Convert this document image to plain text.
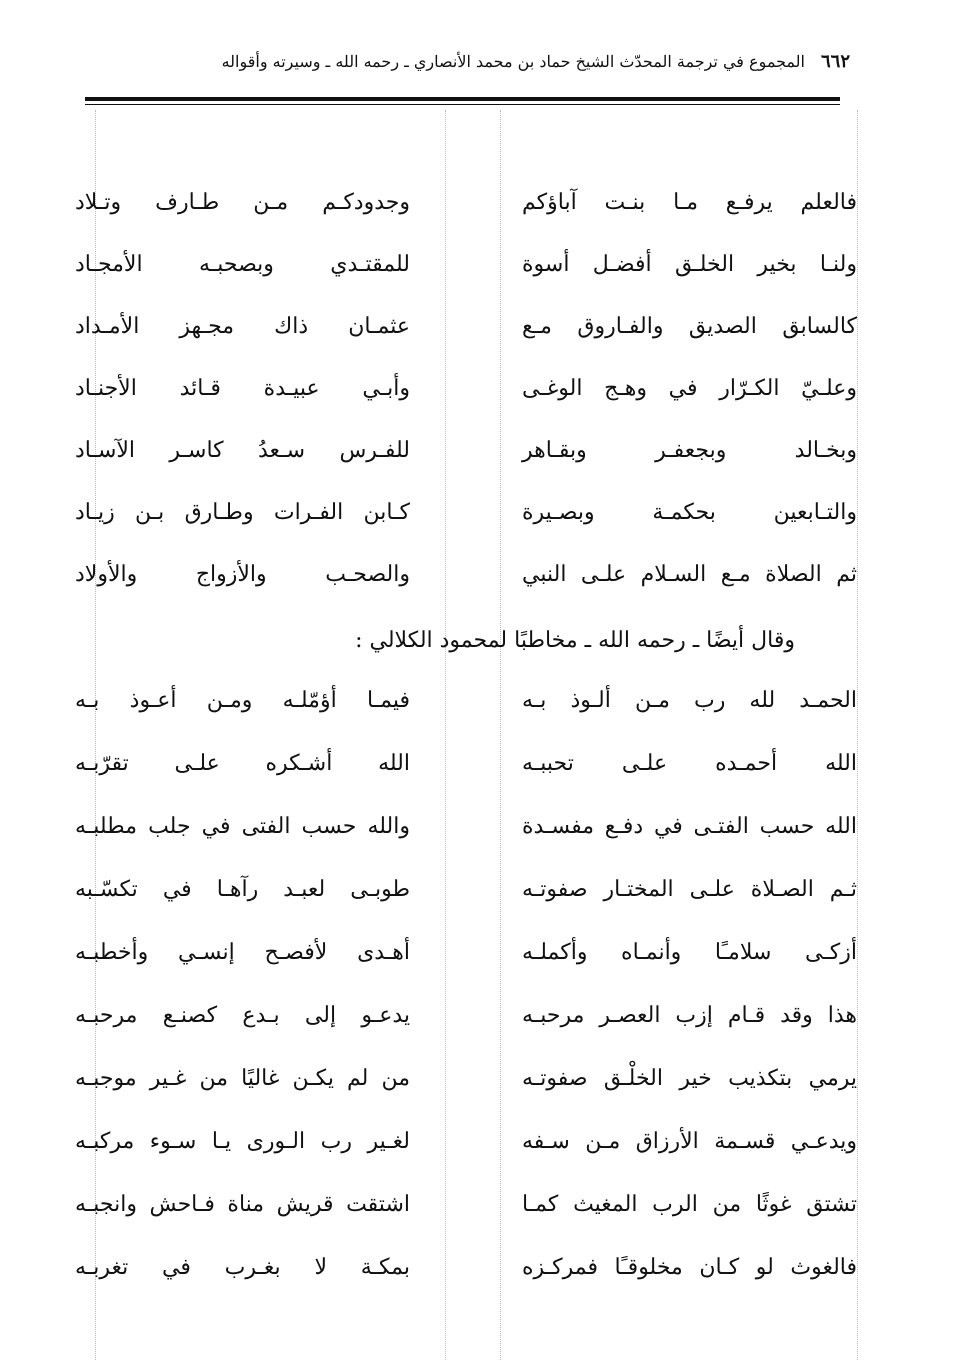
٦٦٢
المجموع في ترجمة المحدّث الشيخ حماد بن محمد الأنصاري ـ رحمه الله ـ وسيرته وأقواله
فالعلم يرفـع مـا بنـت آباؤكم
وجدودكـم مـن طـارف وتـلاد
ولنـا بخير الخلـق أفضـل أسوة
للمقتـدي وبصحبـه الأمجـاد
كالسابق الصديق والفـاروق مـع
عثمـان ذاك مجـهز الأمـداد
وعلـيّ الكـرّار في وهـج الوغـى
وأبـي عبيـدة قـائد الأجنـاد
وبخـالد وبجعفـر وبقـاهر
للفـرس سـعدُ كاسـر الآسـاد
والتـابعين بحكمـة وبصـيرة
كـابن الفـرات وطـارق بـن زيـاد
ثم الصلاة مـع السـلام علـى النبي
والصحـب والأزواج والأولاد
وقال أيضًا ـ رحمه الله ـ مخاطبًا لمحمود الكلالي :
الحمـد لله رب مـن ألـوذ بـه
فيمـا أؤمّلـه ومـن أعـوذ بـه
الله أحمـده علـى تحببـه
الله أشـكره علـى تقرّبـه
الله حسب الفتـى في دفـع مفسـدة
والله حسب الفتى في جلب مطلبـه
ثـم الصـلاة علـى المختـار صفوتـه
طوبـى لعبـد رآهـا في تكسّـبه
أزكـى سلامـًا وأنمـاه وأكملـه
أهـدى لأفصـح إنسـي وأخطبـه
هذا وقد قـام إزب العصـر مرحبـه
يدعـو إلى بـدع كصنـع مرحبـه
يرمي بتكذيب خير الخلْـق صفوتـه
من لم يكـن غاليًا من غـير موجبـه
ويدعـي قسـمة الأرزاق مـن سـفه
لغـير رب الـورى يـا سـوء مركبـه
تشتق غوثًا من الرب المغيث كمـا
اشتقت قريش مناة فـاحش وانجبـه
فالغوث لو كـان مخلوقـًا فمركـزه
بمكـة لا بغـرب في تغربـه
